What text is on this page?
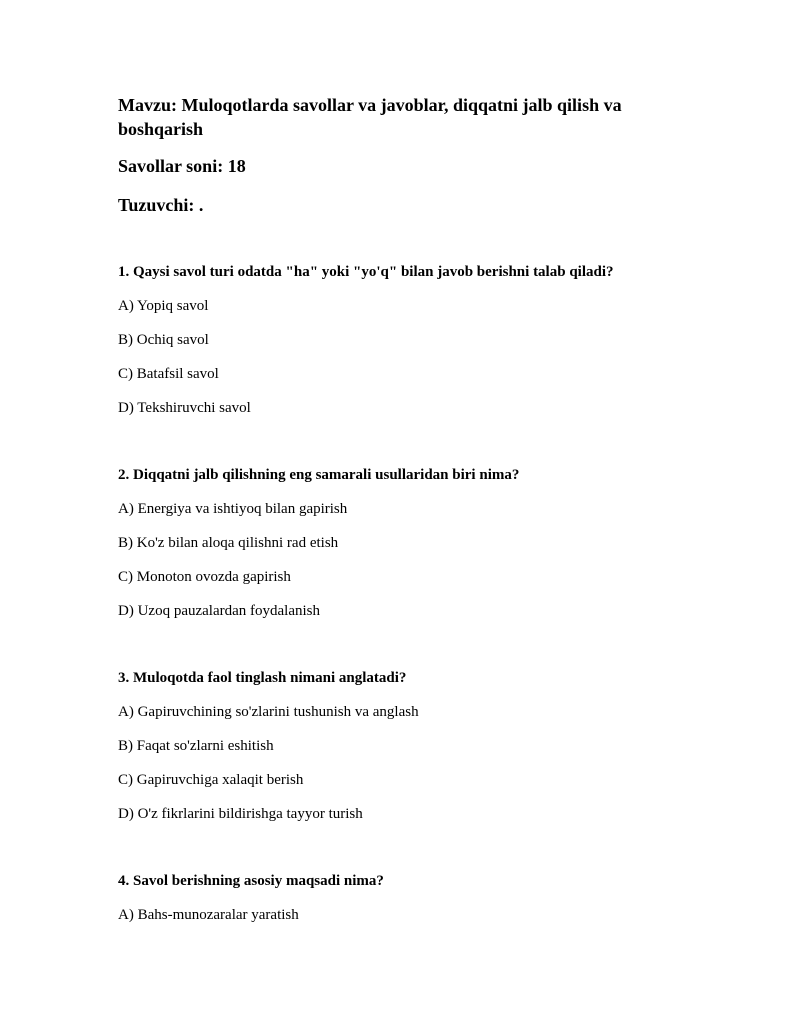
Mavzu: Muloqotlarda savollar va javoblar, diqqatni jalb qilish va boshqarish

Savollar soni: 18

Tuzuvchi: .

1. Qaysi savol turi odatda "ha" yoki "yo'q" bilan javob berishni talab qiladi?

A) Yopiq savol

B) Ochiq savol

C) Batafsil savol

D) Tekshiruvchi savol

2. Diqqatni jalb qilishning eng samarali usullaridan biri nima?

A) Energiya va ishtiyoq bilan gapirish

B) Ko'z bilan aloqa qilishni rad etish

C) Monoton ovozda gapirish

D) Uzoq pauzalardan foydalanish

3. Muloqotda faol tinglash nimani anglatadi?

A) Gapiruvchining so'zlarini tushunish va anglash

B) Faqat so'zlarni eshitish

C) Gapiruvchiga xalaqit berish

D) O'z fikrlarini bildirishga tayyor turish

4. Savol berishning asosiy maqsadi nima?

A) Bahs-munozaralar yaratish
